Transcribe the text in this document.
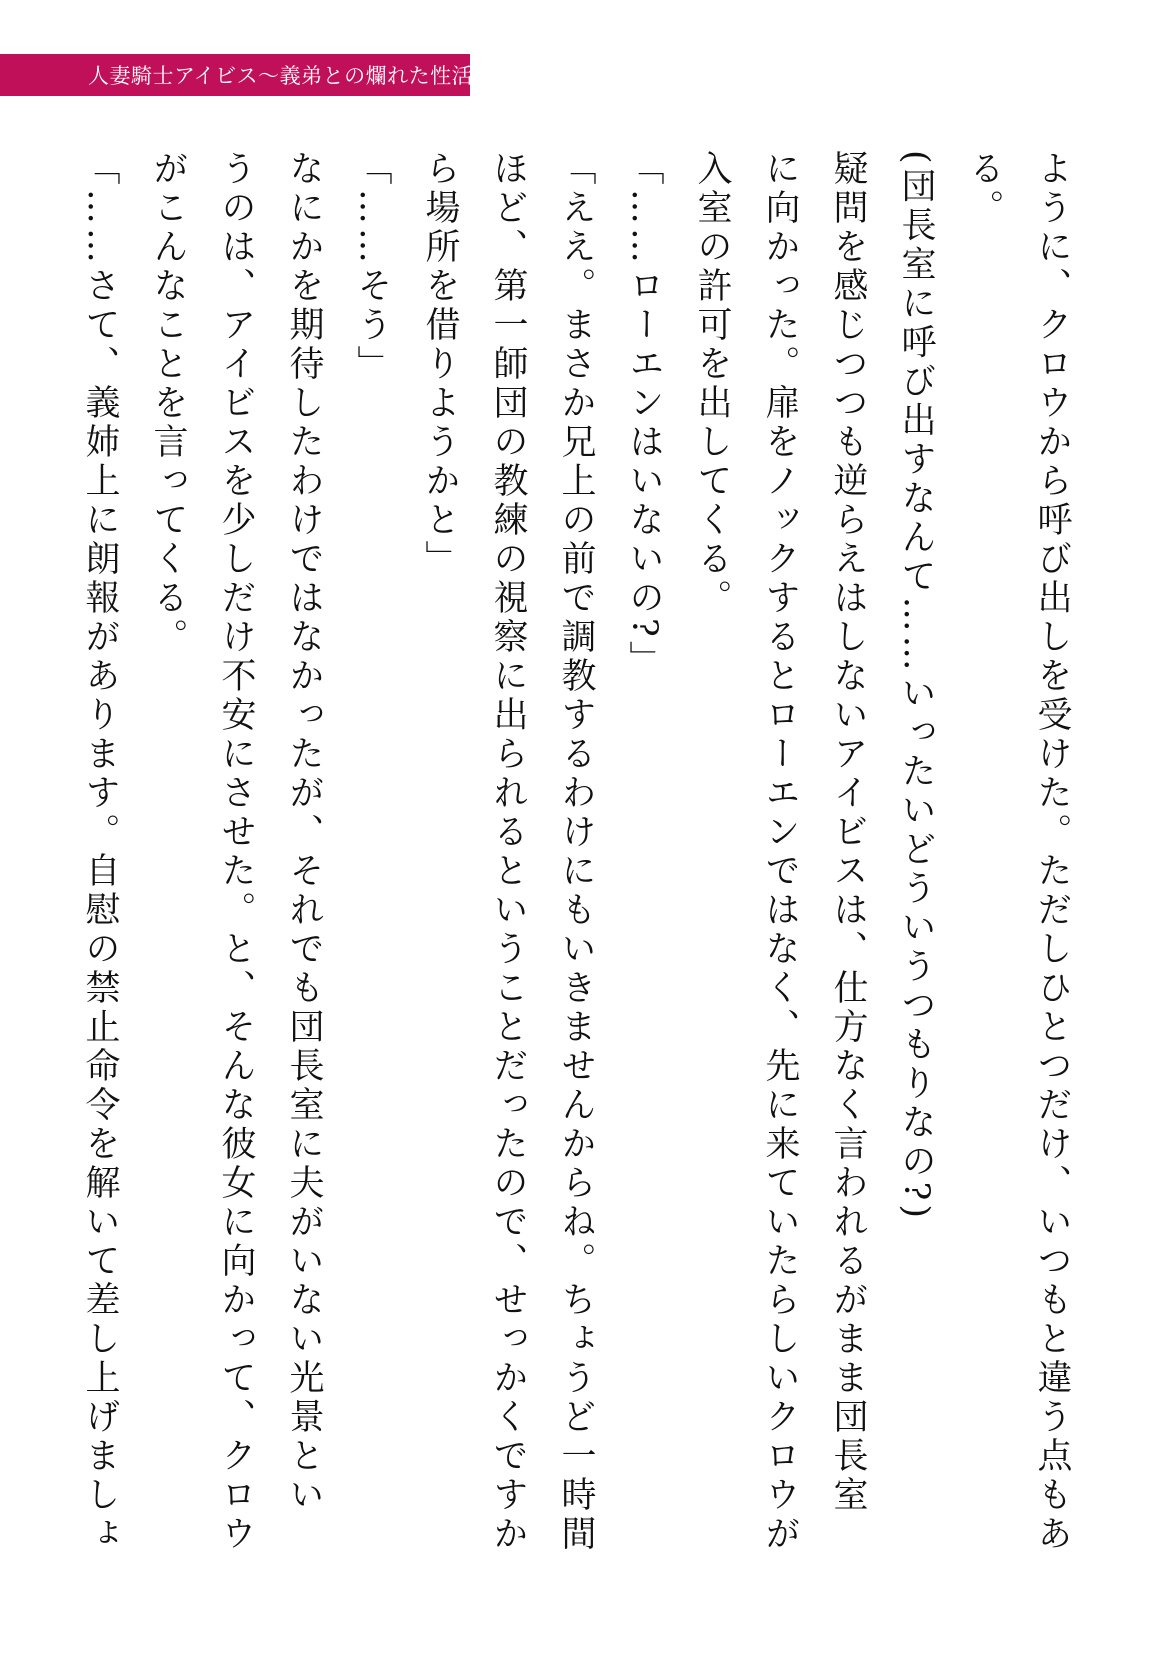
人妻騎士アイビス〜義弟との爛れた性活〜
ように、クロウから呼び出しを受けた。ただしひとつだけ、いつもと違う点もあ
る。
(団長室に呼び出すなんて……いったいどういうつもりなの?)
疑問を感じつつも逆らえはしないアイビスは、仕方なく言われるがまま団長室
に向かった。扉をノックするとローエンではなく、先に来ていたらしいクロウが
入室の許可を出してくる。
「……ローエンはいないの?」
「ええ。まさか兄上の前で調教するわけにもいきませんからね。ちょうど一時間
ほど、第一師団の教練の視察に出られるということだったので、せっかくですか
ら場所を借りようかと」
「……そう」
なにかを期待したわけではなかったが、それでも団長室に夫がいない光景とい
うのは、アイビスを少しだけ不安にさせた。と、そんな彼女に向かって、クロウ
がこんなことを言ってくる。
「……さて、義姉上に朗報があります。自慰の禁止命令を解いて差し上げましょ
